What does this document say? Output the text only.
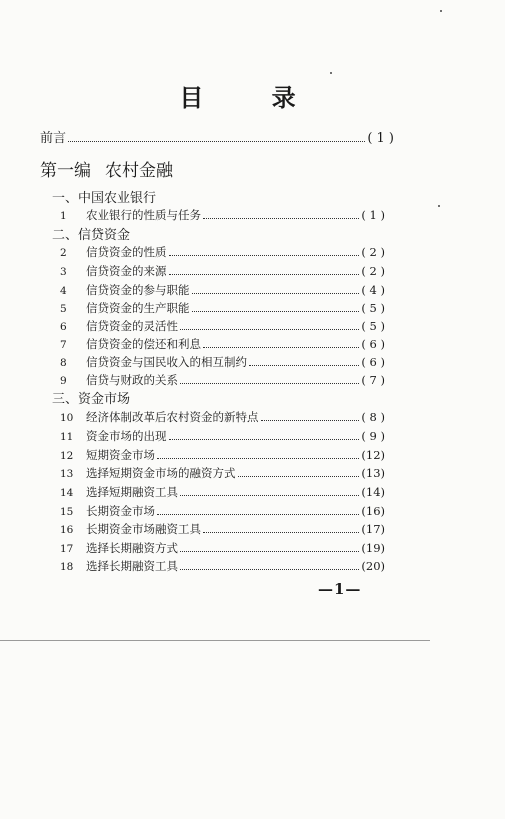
目 录
前言	( 1 )
第一编 农村金融
一、中国农业银行
二、信贷资金
三、资金市场
1	农业银行的性质与任务	( 1 )
2	信贷资金的性质	( 2 )
3	信贷资金的来源	( 2 )
4	信贷资金的参与职能	( 4 )
5	信贷资金的生产职能	( 5 )
6	信贷资金的灵活性	( 5 )
7	信贷资金的偿还和利息	( 6 )
8	信贷资金与国民收入的相互制约	( 6 )
9	信贷与财政的关系	( 7 )
10	经济体制改革后农村资金的新特点	( 8 )
11	资金市场的出现	( 9 )
12	短期资金市场	(12)
13	选择短期资金市场的融资方式	(13)
14	选择短期融资工具	(14)
15	长期资金市场	(16)
16	长期资金市场融资工具	(17)
17	选择长期融资方式	(19)
18	选择长期融资工具	(20)
—1—
